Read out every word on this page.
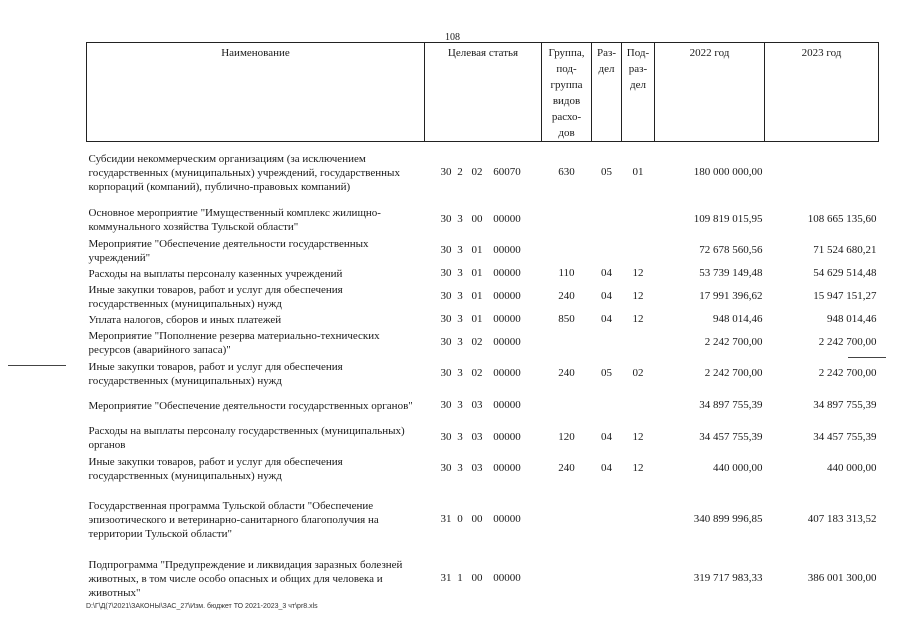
108
Наименование	Целевая статья	Группа, под-группа видов расхо-дов	Раз-дел	Под-раз-дел	2022 год	2023 год
Субсидии некоммерческим организациям (за исключением государственных (муниципальных) учреждений, государственных корпораций (компаний), публично-правовых компаний)	30 2 02 60070	630	05	01	180 000 000,00	
Основное мероприятие "Имущественный комплекс жилищно-коммунального хозяйства Тульской области"	30 3 00 00000				109 819 015,95	108 665 135,60
Мероприятие "Обеспечение деятельности государственных учреждений"	30 3 01 00000				72 678 560,56	71 524 680,21
Расходы на выплаты персоналу казенных учреждений	30 3 01 00000	110	04	12	53 739 149,48	54 629 514,48
Иные закупки товаров, работ и услуг для обеспечения государственных (муниципальных) нужд	30 3 01 00000	240	04	12	17 991 396,62	15 947 151,27
Уплата налогов, сборов и иных платежей	30 3 01 00000	850	04	12	948 014,46	948 014,46
Мероприятие "Пополнение резерва материально-технических ресурсов (аварийного запаса)"	30 3 02 00000				2 242 700,00	2 242 700,00
Иные закупки товаров, работ и услуг для обеспечения государственных (муниципальных) нужд	30 3 02 00000	240	05	02	2 242 700,00	2 242 700,00
Мероприятие "Обеспечение деятельности государственных органов"	30 3 03 00000				34 897 755,39	34 897 755,39
Расходы на выплаты персоналу государственных (муниципальных) органов	30 3 03 00000	120	04	12	34 457 755,39	34 457 755,39
Иные закупки товаров, работ и услуг для обеспечения государственных (муниципальных) нужд	30 3 03 00000	240	04	12	440 000,00	440 000,00

Государственная программа Тульской области "Обеспечение эпизоотического и ветеринарно-санитарного благополучия на территории Тульской области"	31 0 00 00000				340 899 996,85	407 183 313,52

Подпрограмма "Предупреждение и ликвидация заразных болезней животных, в том числе особо опасных и общих для человека и животных"	31 1 00 00000				319 717 983,33	386 001 300,00
D:\Г\Д(7\2021\ЗАКОНЫ\ЗАС_27\Изм. бюджет ТО 2021-2023_3 чт\pr8.xls
